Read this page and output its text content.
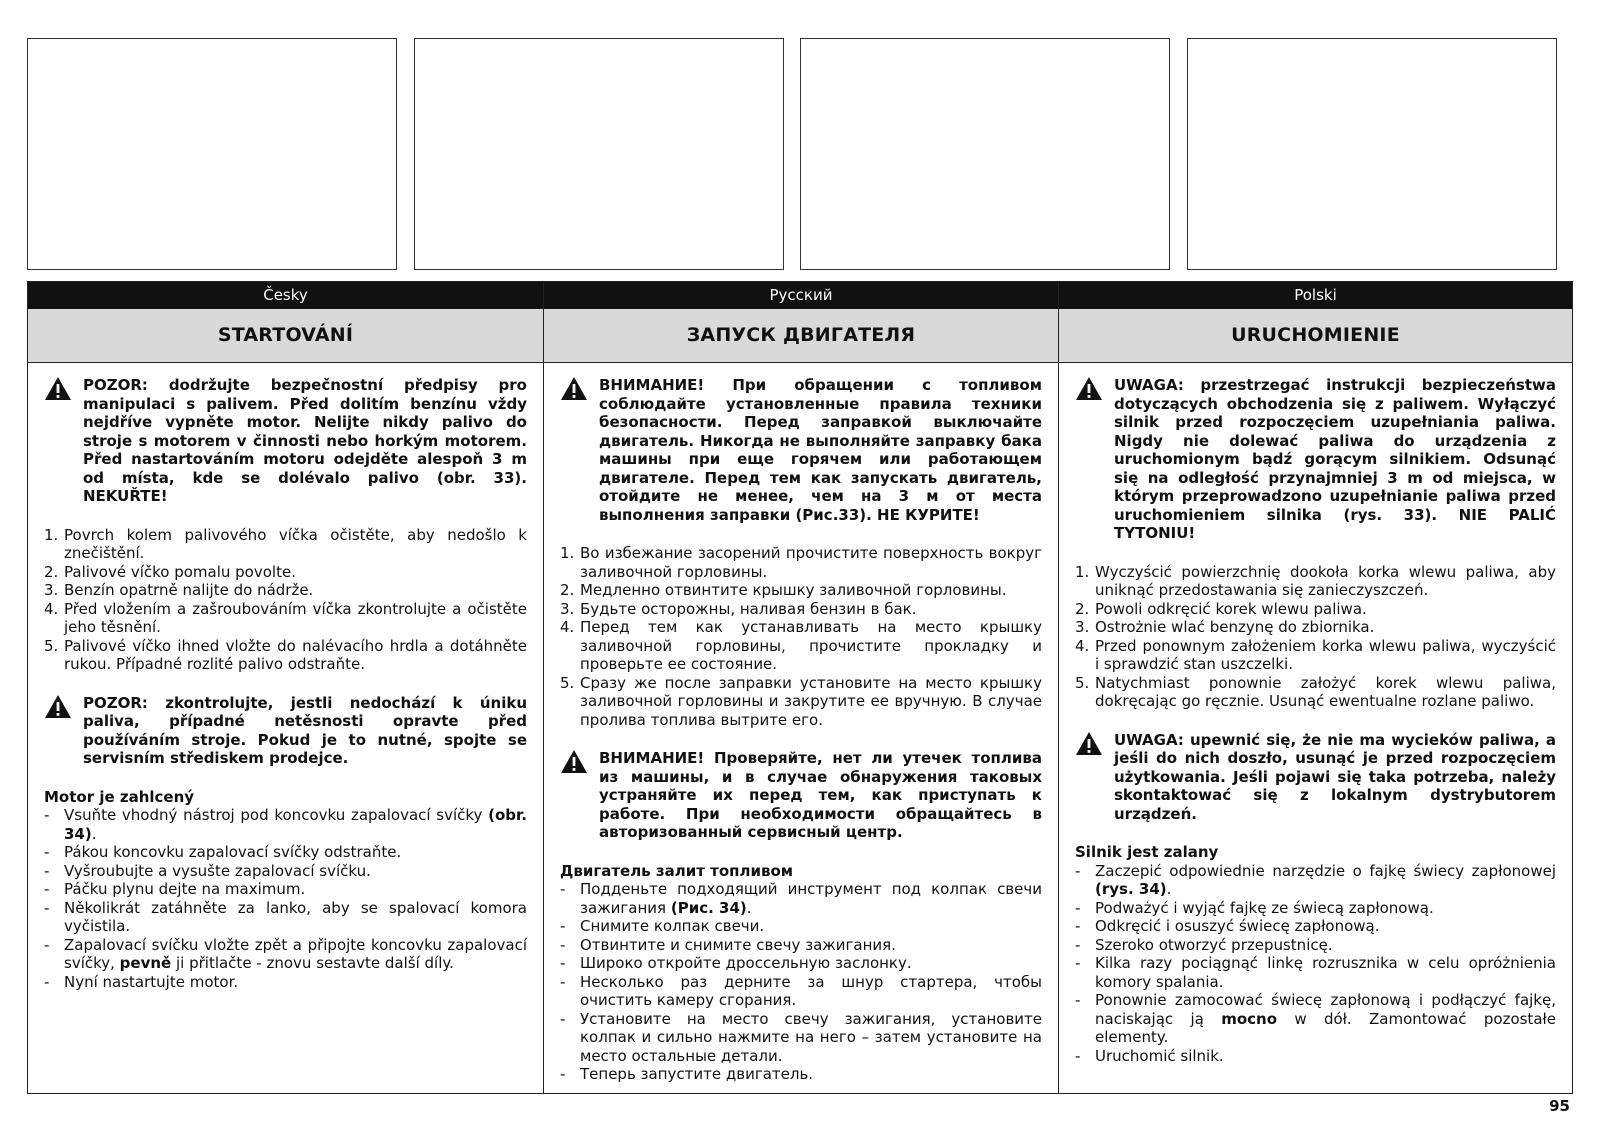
Česky
STARTOVÁNÍ
POZOR: dodržujte bezpečnostní předpisy pro manipulaci s palivem. Před dolitím benzínu vždy nejdříve vypněte motor. Nelijte nikdy palivo do stroje s motorem v činnosti nebo horkým motorem. Před nastartováním motoru odejděte alespoň 3 m od místa, kde se dolévalo palivo (obr. 33). NEKUŘTE!
1. Povrch kolem palivového víčka očistěte, aby nedošlo k znečištění.
2. Palivové víčko pomalu povolte.
3. Benzín opatrně nalijte do nádrže.
4. Před vložením a zašroubováním víčka zkontrolujte a očistěte jeho těsnění.
5. Palivové víčko ihned vložte do nalévacího hrdla a dotáhněte rukou. Případné rozlité palivo odstraňte.
POZOR: zkontrolujte, jestli nedochází k úniku paliva, případné netěsnosti opravte před používáním stroje. Pokud je to nutné, spojte se servisním střediskem prodejce.
Motor je zahlcený
- Vsuňte vhodný nástroj pod koncovku zapalovací svíčky (obr. 34).
- Pákou koncovku zapalovací svíčky odstraňte.
- Vyšroubujte a vysušte zapalovací svíčku.
- Páčku plynu dejte na maximum.
- Několikrát zatáhněte za lanko, aby se spalovací komora vyčistila.
- Zapalovací svíčku vložte zpět a připojte koncovku zapalovací svíčky, pevně ji přitlačte - znovu sestavte další díly.
- Nyní nastartujte motor.
Русский
ЗАПУСК ДВИГАТЕЛЯ
ВНИМАНИЕ! При обращении с топливом соблюдайте установленные правила техники безопасности. Перед заправкой выключайте двигатель. Никогда не выполняйте заправку бака машины при еще горячем или работающем двигателе. Перед тем как запускать двигатель, отойдите не менее, чем на 3 м от места выполнения заправки (Рис.33). НЕ КУРИТЕ!
1. Во избежание засорений прочистите поверхность вокруг заливочной горловины.
2. Медленно отвинтите крышку заливочной горловины.
3. Будьте осторожны, наливая бензин в бак.
4. Перед тем как устанавливать на место крышку заливочной горловины, прочистите прокладку и проверьте ее состояние.
5. Сразу же после заправки установите на место крышку заливочной горловины и закрутите ее вручную. В случае пролива топлива вытрите его.
ВНИМАНИЕ! Проверяйте, нет ли утечек топлива из машины, и в случае обнаружения таковых устраняйте их перед тем, как приступать к работе. При необходимости обращайтесь в авторизованный сервисный центр.
Двигатель залит топливом
- Подденьте подходящий инструмент под колпак свечи зажигания (Рис. 34).
- Снимите колпак свечи.
- Отвинтите и снимите свечу зажигания.
- Широко откройте дроссельную заслонку.
- Несколько раз дерните за шнур стартера, чтобы очистить камеру сгорания.
- Установите на место свечу зажигания, установите колпак и сильно нажмите на него – затем установите на место остальные детали.
- Теперь запустите двигатель.
Polski
URUCHOMIENIE
UWAGA: przestrzegać instrukcji bezpieczeństwa dotyczących obchodzenia się z paliwem. Wyłączyć silnik przed rozpoczęciem uzupełniania paliwa. Nigdy nie dolewać paliwa do urządzenia z uruchomionym bądź gorącym silnikiem. Odsunąć się na odległość przynajmniej 3 m od miejsca, w którym przeprowadzono uzupełnianie paliwa przed uruchomieniem silnika (rys. 33). NIE PALIĆ TYTONIU!
1. Wyczyścić powierzchnię dookoła korka wlewu paliwa, aby uniknąć przedostawania się zanieczyszczeń.
2. Powoli odkręcić korek wlewu paliwa.
3. Ostrożnie wlać benzynę do zbiornika.
4. Przed ponownym założeniem korka wlewu paliwa, wyczyścić i sprawdzić stan uszczelki.
5. Natychmiast ponownie założyć korek wlewu paliwa, dokręcając go ręcznie. Usunąć ewentualne rozlane paliwo.
UWAGA: upewnić się, że nie ma wycieków paliwa, a jeśli do nich doszło, usunąć je przed rozpoczęciem użytkowania. Jeśli pojawi się taka potrzeba, należy skontaktować się z lokalnym dystrybutorem urządzeń.
Silnik jest zalany
- Zaczepić odpowiednie narzędzie o fajkę świecy zapłonowej (rys. 34).
- Podważyć i wyjąć fajkę ze świecą zapłonową.
- Odkręcić i osuszyć świecę zapłonową.
- Szeroko otworzyć przepustnicę.
- Kilka razy pociągnąć linkę rozrusznika w celu opróżnienia komory spalania.
- Ponownie zamocować świecę zapłonową i podłączyć fajkę, naciskając ją mocno w dół. Zamontować pozostałe elementy.
- Uruchomić silnik.
95
